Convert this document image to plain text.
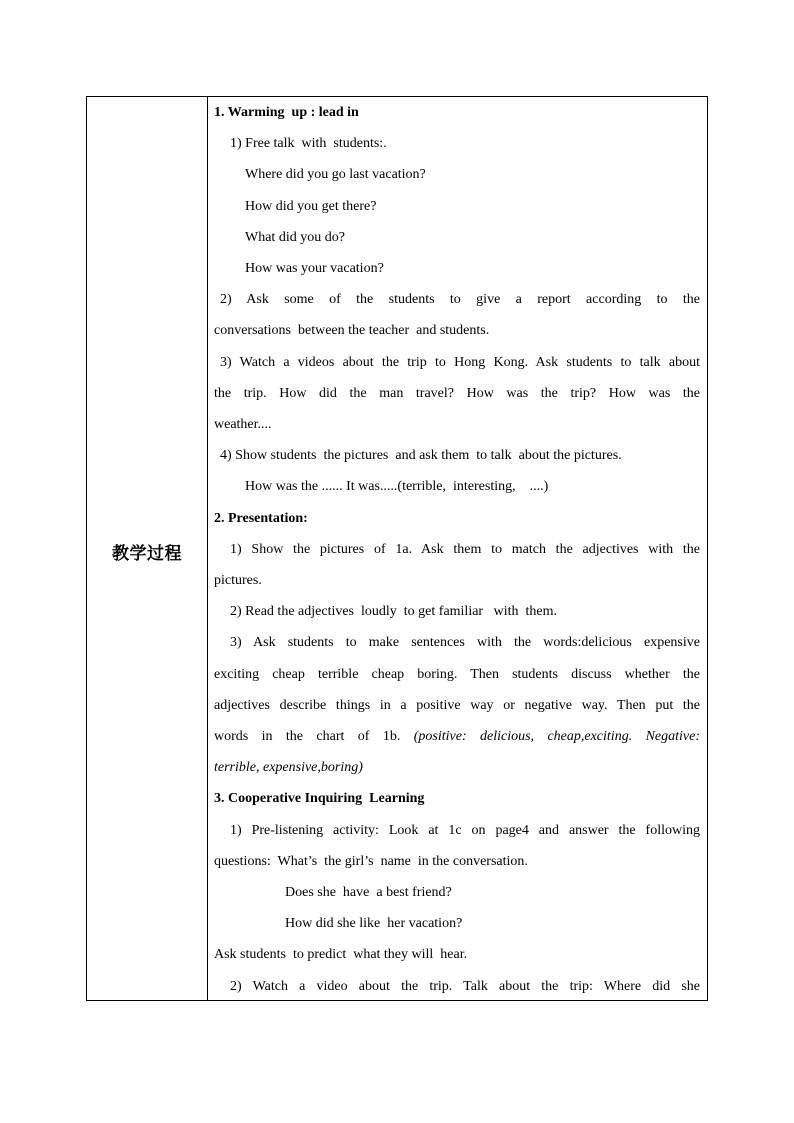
教学过程
1. Warming  up : lead in
1) Free talk  with  students:.
Where did you go last vacation?
How did you get there?
What did you do?
How was your vacation?
2) Ask some of the students to give a report according to the
conversations  between the teacher  and students.
3) Watch a videos about the trip to Hong Kong. Ask students to talk about
the trip. How did the man travel? How was the trip? How was the
weather....
4) Show students  the pictures  and ask them  to talk  about the pictures.
How was the ...... It was.....(terrible,  interesting,    ....)
2. Presentation:
1) Show the pictures of 1a. Ask them to match the adjectives with the
pictures.
2) Read the adjectives  loudly  to get familiar   with  them.
3) Ask students to make sentences with the words:delicious expensive
exciting cheap terrible cheap boring. Then students discuss whether the
adjectives describe things in a positive way or negative way. Then put the
words in the chart of 1b. (positive: delicious, cheap,exciting. Negative:
terrible, expensive,boring)
3. Cooperative Inquiring  Learning
1) Pre-listening activity: Look at 1c on page4 and answer the following
questions:  What’s  the girl’s  name  in the conversation.
Does she  have  a best friend?
How did she like  her vacation?
Ask students  to predict  what they will  hear.
2) Watch a video about the trip. Talk about the trip: Where did she
